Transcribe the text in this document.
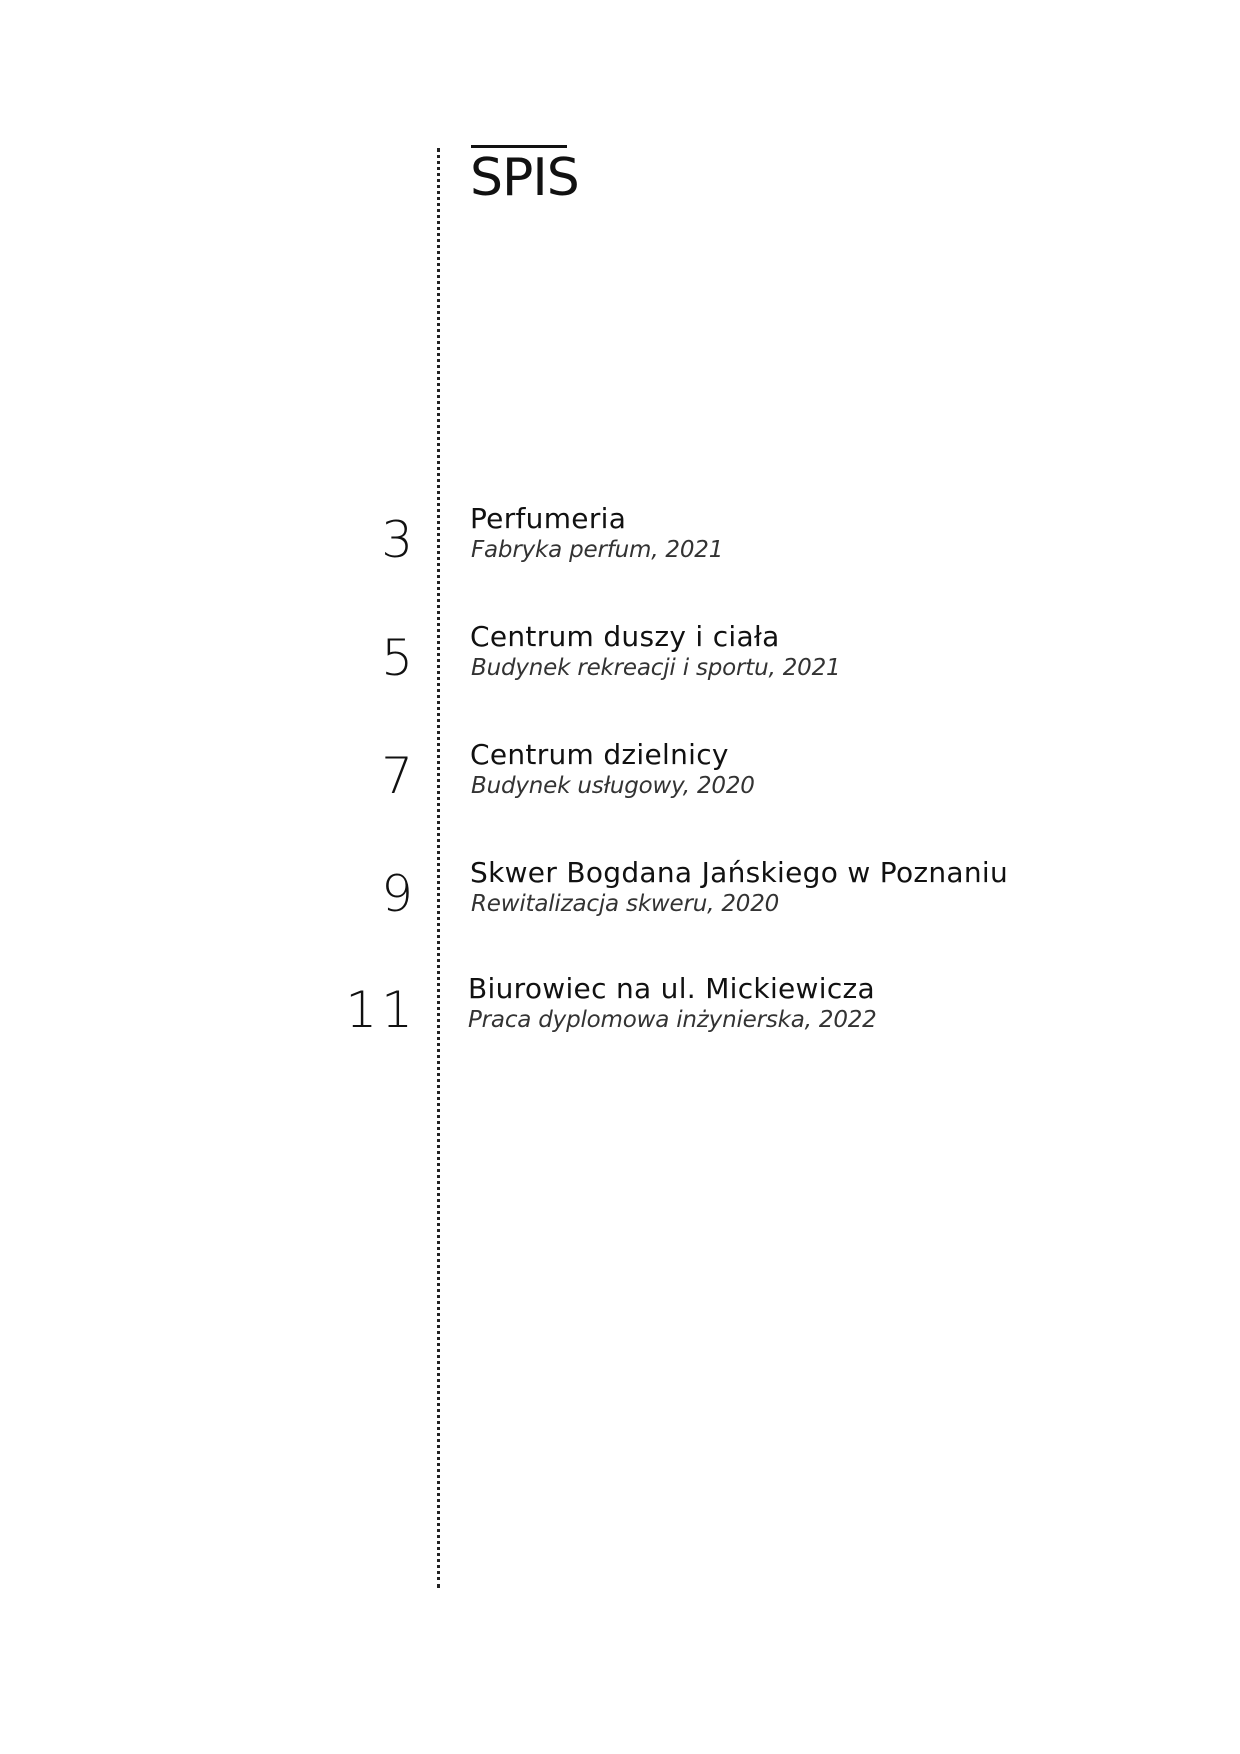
SPIS
3 Perfumeria
Fabryka perfum, 2021
5 Centrum duszy i ciała
Budynek rekreacji i sportu, 2021
7 Centrum dzielnicy
Budynek usługowy, 2020
9 Skwer Bogdana Jańskiego w Poznaniu
Rewitalizacja skweru, 2020
11 Biurowiec na ul. Mickiewicza
Praca dyplomowa inżynierska, 2022
